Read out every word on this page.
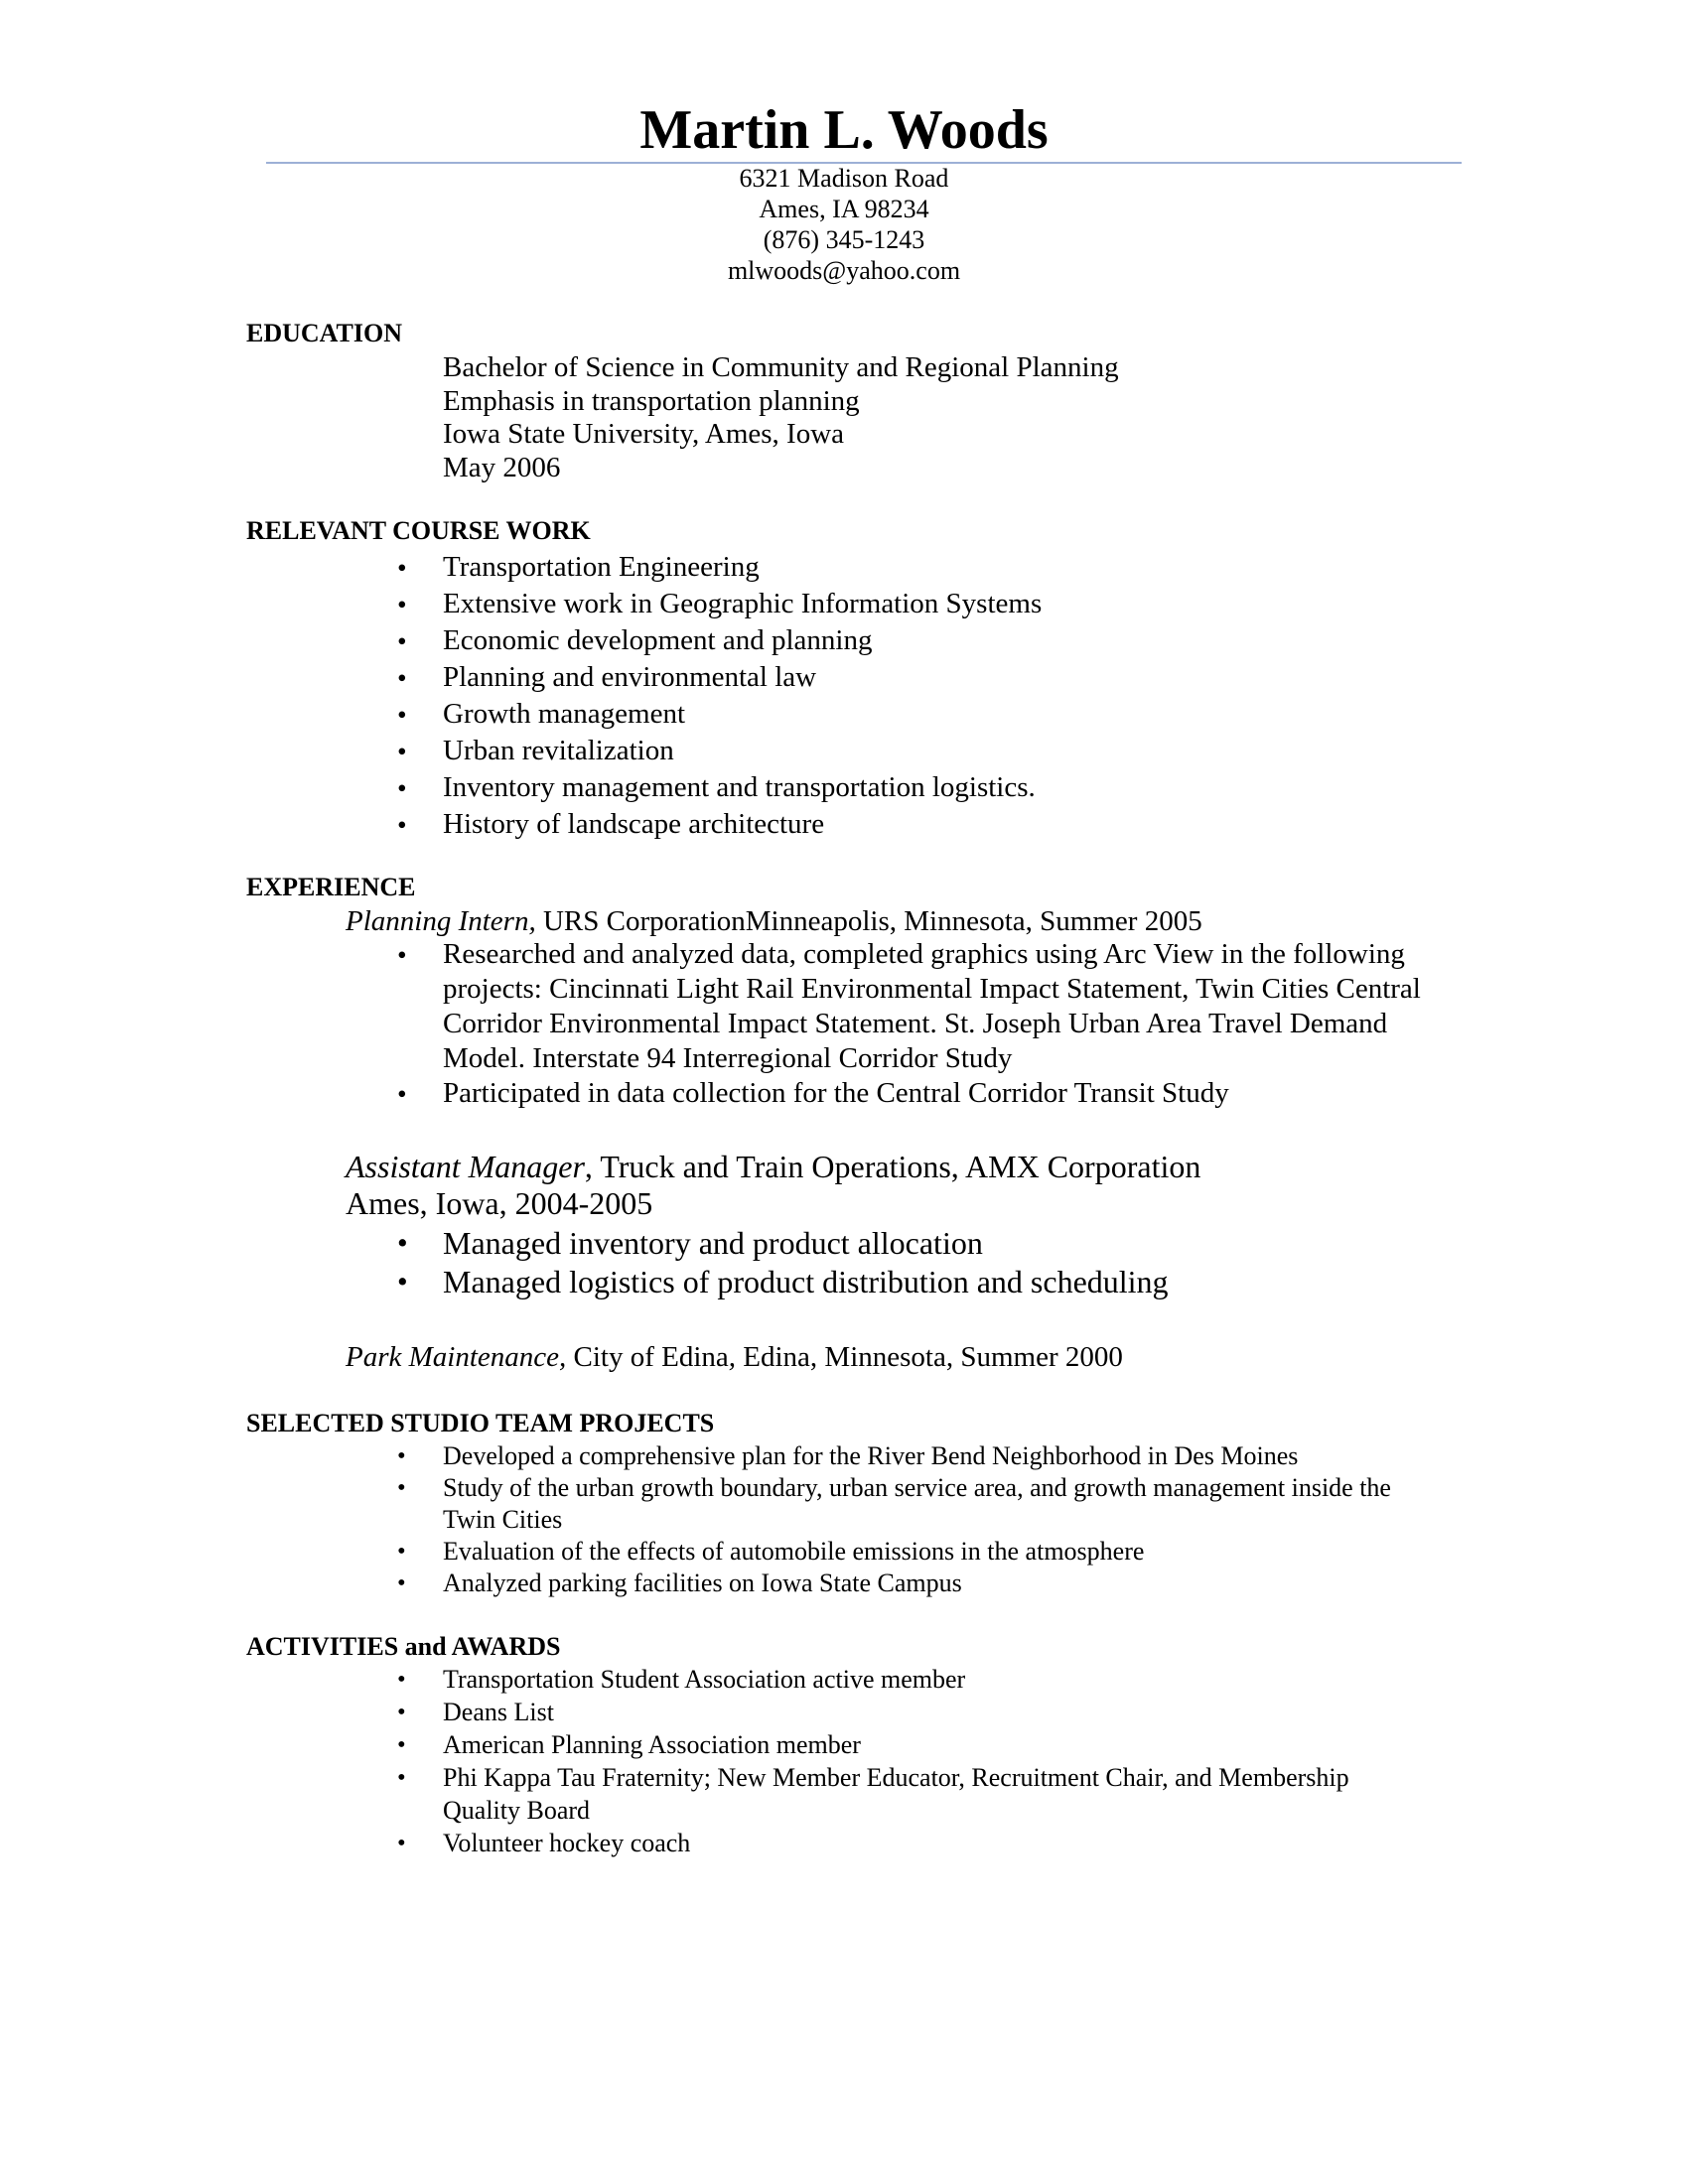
Martin L. Woods
6321 Madison Road
Ames, IA 98234
(876) 345-1243
mlwoods@yahoo.com
EDUCATION
Bachelor of Science in Community and Regional Planning
Emphasis in transportation planning
Iowa State University, Ames, Iowa
May 2006
RELEVANT COURSE WORK
• Transportation Engineering
• Extensive work in Geographic Information Systems
• Economic development and planning
• Planning and environmental law
• Growth management
• Urban revitalization
• Inventory management and transportation logistics.
• History of landscape architecture
EXPERIENCE
Planning Intern, URS CorporationMinneapolis, Minnesota, Summer 2005
• Researched and analyzed data, completed graphics using Arc View in the following projects: Cincinnati Light Rail Environmental Impact Statement, Twin Cities Central Corridor Environmental Impact Statement. St. Joseph Urban Area Travel Demand Model. Interstate 94 Interregional Corridor Study
• Participated in data collection for the Central Corridor Transit Study
Assistant Manager, Truck and Train Operations, AMX Corporation
Ames, Iowa, 2004-2005
• Managed inventory and product allocation
• Managed logistics of product distribution and scheduling
Park Maintenance, City of Edina, Edina, Minnesota, Summer 2000
SELECTED STUDIO TEAM PROJECTS
• Developed a comprehensive plan for the River Bend Neighborhood in Des Moines
• Study of the urban growth boundary, urban service area, and growth management inside the Twin Cities
• Evaluation of the effects of automobile emissions in the atmosphere
• Analyzed parking facilities on Iowa State Campus
ACTIVITIES and AWARDS
• Transportation Student Association active member
• Deans List
• American Planning Association member
• Phi Kappa Tau Fraternity; New Member Educator, Recruitment Chair, and Membership Quality Board
• Volunteer hockey coach
